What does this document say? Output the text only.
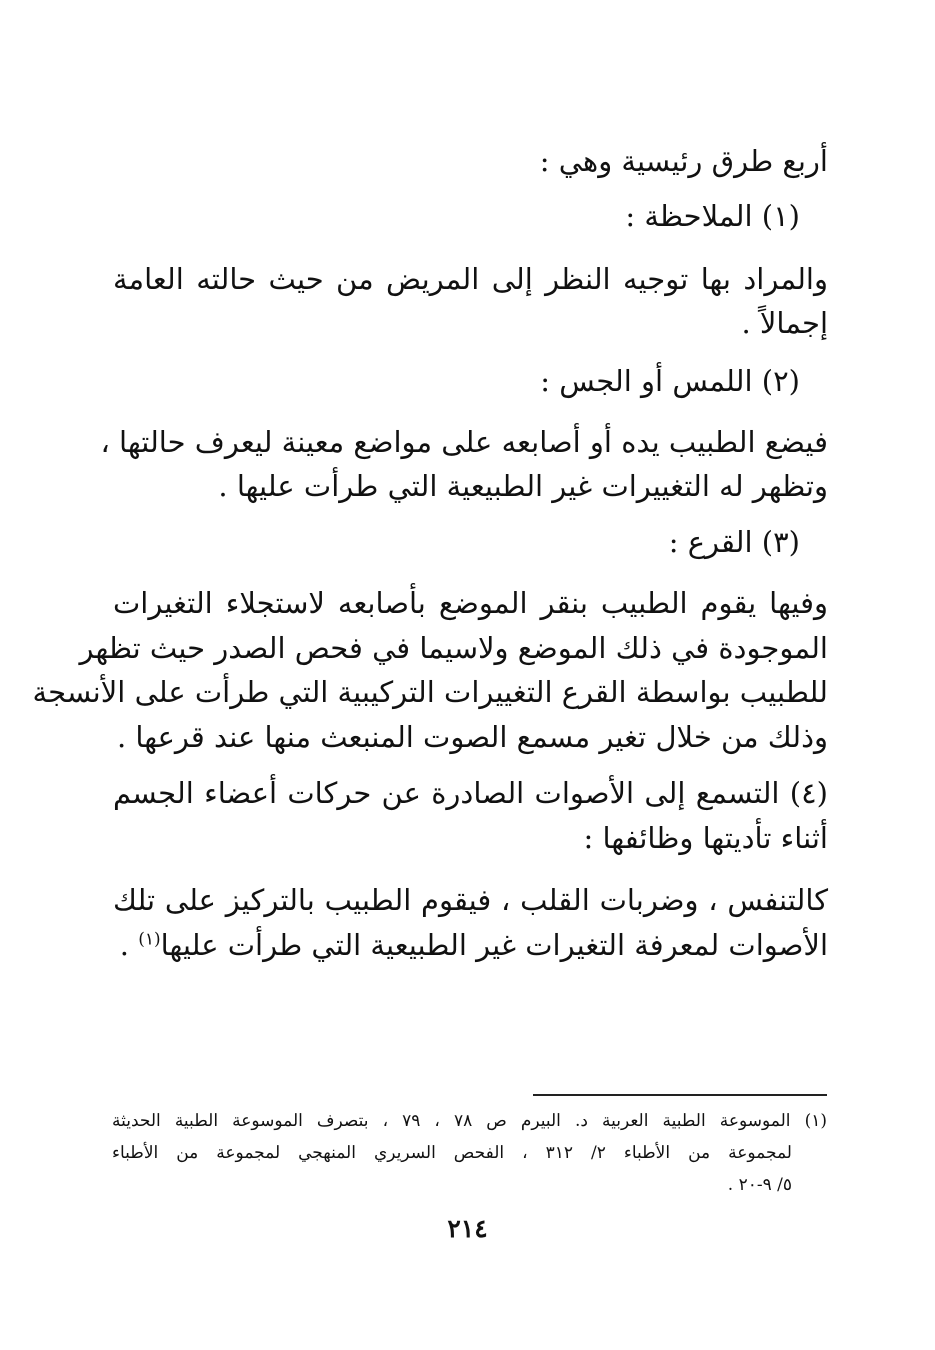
أربع طرق رئيسية وهي :
(١) الملاحظة :
والمراد بها توجيه النظر إلى المريض من حيث حالته العامة
إجمالاً .
(٢) اللمس أو الجس :
فيضع الطبيب يده أو أصابعه على مواضع معينة ليعرف حالتها ،
وتظهر له التغييرات غير الطبيعية التي طرأت عليها .
(٣) القرع :
وفيها يقوم الطبيب بنقر الموضع بأصابعه لاستجلاء التغيرات
الموجودة في ذلك الموضع ولاسيما في فحص الصدر حيث تظهر
للطبيب بواسطة القرع التغييرات التركيبية التي طرأت على الأنسجة
وذلك من خلال تغير مسمع الصوت المنبعث منها عند قرعها .
(٤) التسمع إلى الأصوات الصادرة عن حركات أعضاء الجسم
أثناء تأديتها وظائفها :
كالتنفس ، وضربات القلب ، فيقوم الطبيب بالتركيز على تلك
الأصوات لمعرفة التغيرات غير الطبيعية التي طرأت عليها$^{(١)}$ .
(١) الموسوعة الطبية العربية د. البيرم ص ٧٨ ، ٧٩ ، بتصرف الموسوعة الطبية الحديثة
لمجموعة من الأطباء ٢/ ٣١٢ ، الفحص السريري المنهجي لمجموعة من الأطباء
٥/ ٩-٢٠ .
٢١٤
